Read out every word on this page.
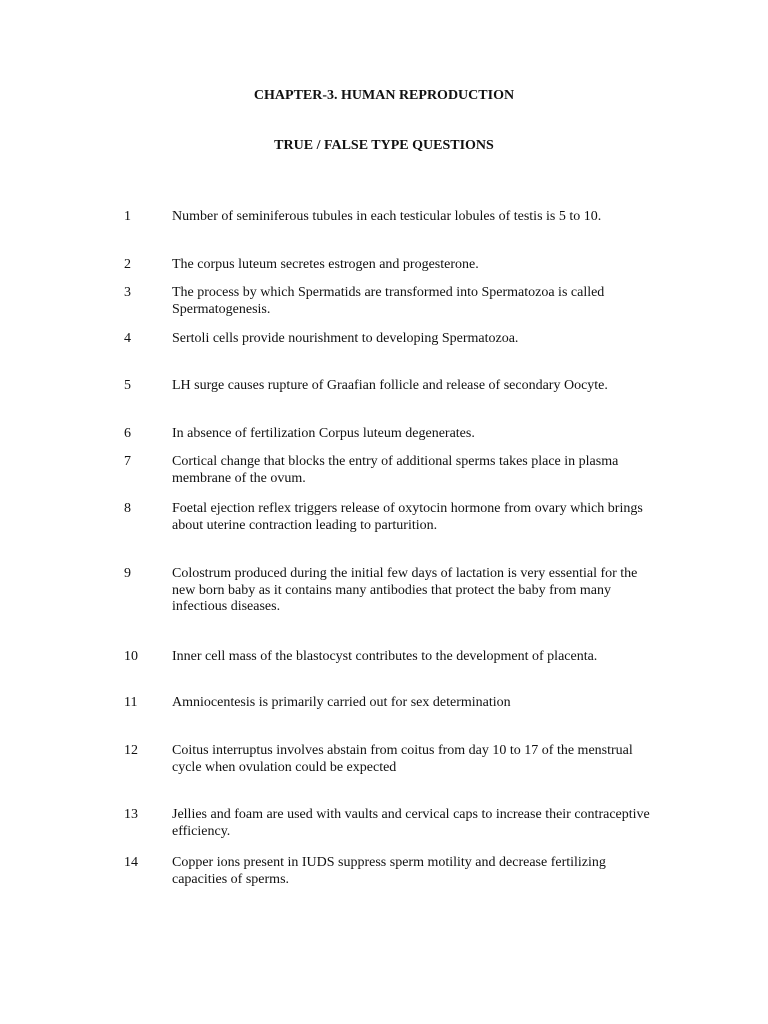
CHAPTER-3. HUMAN REPRODUCTION
TRUE / FALSE TYPE QUESTIONS
1	Number of seminiferous tubules in each testicular lobules of testis is 5 to 10.
2	The corpus luteum secretes estrogen and progesterone.
3	The process by which Spermatids are transformed into Spermatozoa is called Spermatogenesis.
4	Sertoli cells provide nourishment to developing Spermatozoa.
5	LH surge causes rupture of Graafian follicle and release of secondary Oocyte.
6	In absence of fertilization Corpus luteum degenerates.
7	Cortical change that blocks the entry of additional sperms takes place in plasma membrane of the ovum.
8	Foetal ejection reflex triggers release of oxytocin hormone from ovary which brings about uterine contraction leading to parturition.
9	Colostrum produced during the initial few days of lactation is very essential for the new born baby as it contains many antibodies that protect the baby from many infectious diseases.
10 Inner cell mass of the blastocyst contributes to the development of placenta.
11 Amniocentesis is primarily carried out for sex determination
12 Coitus interruptus involves abstain from coitus from day 10 to 17 of the menstrual cycle when ovulation could be expected
13 Jellies and foam are used with vaults and cervical caps to increase their contraceptive efficiency.
14 Copper ions present in IUDS suppress sperm motility and decrease fertilizing capacities of sperms.
